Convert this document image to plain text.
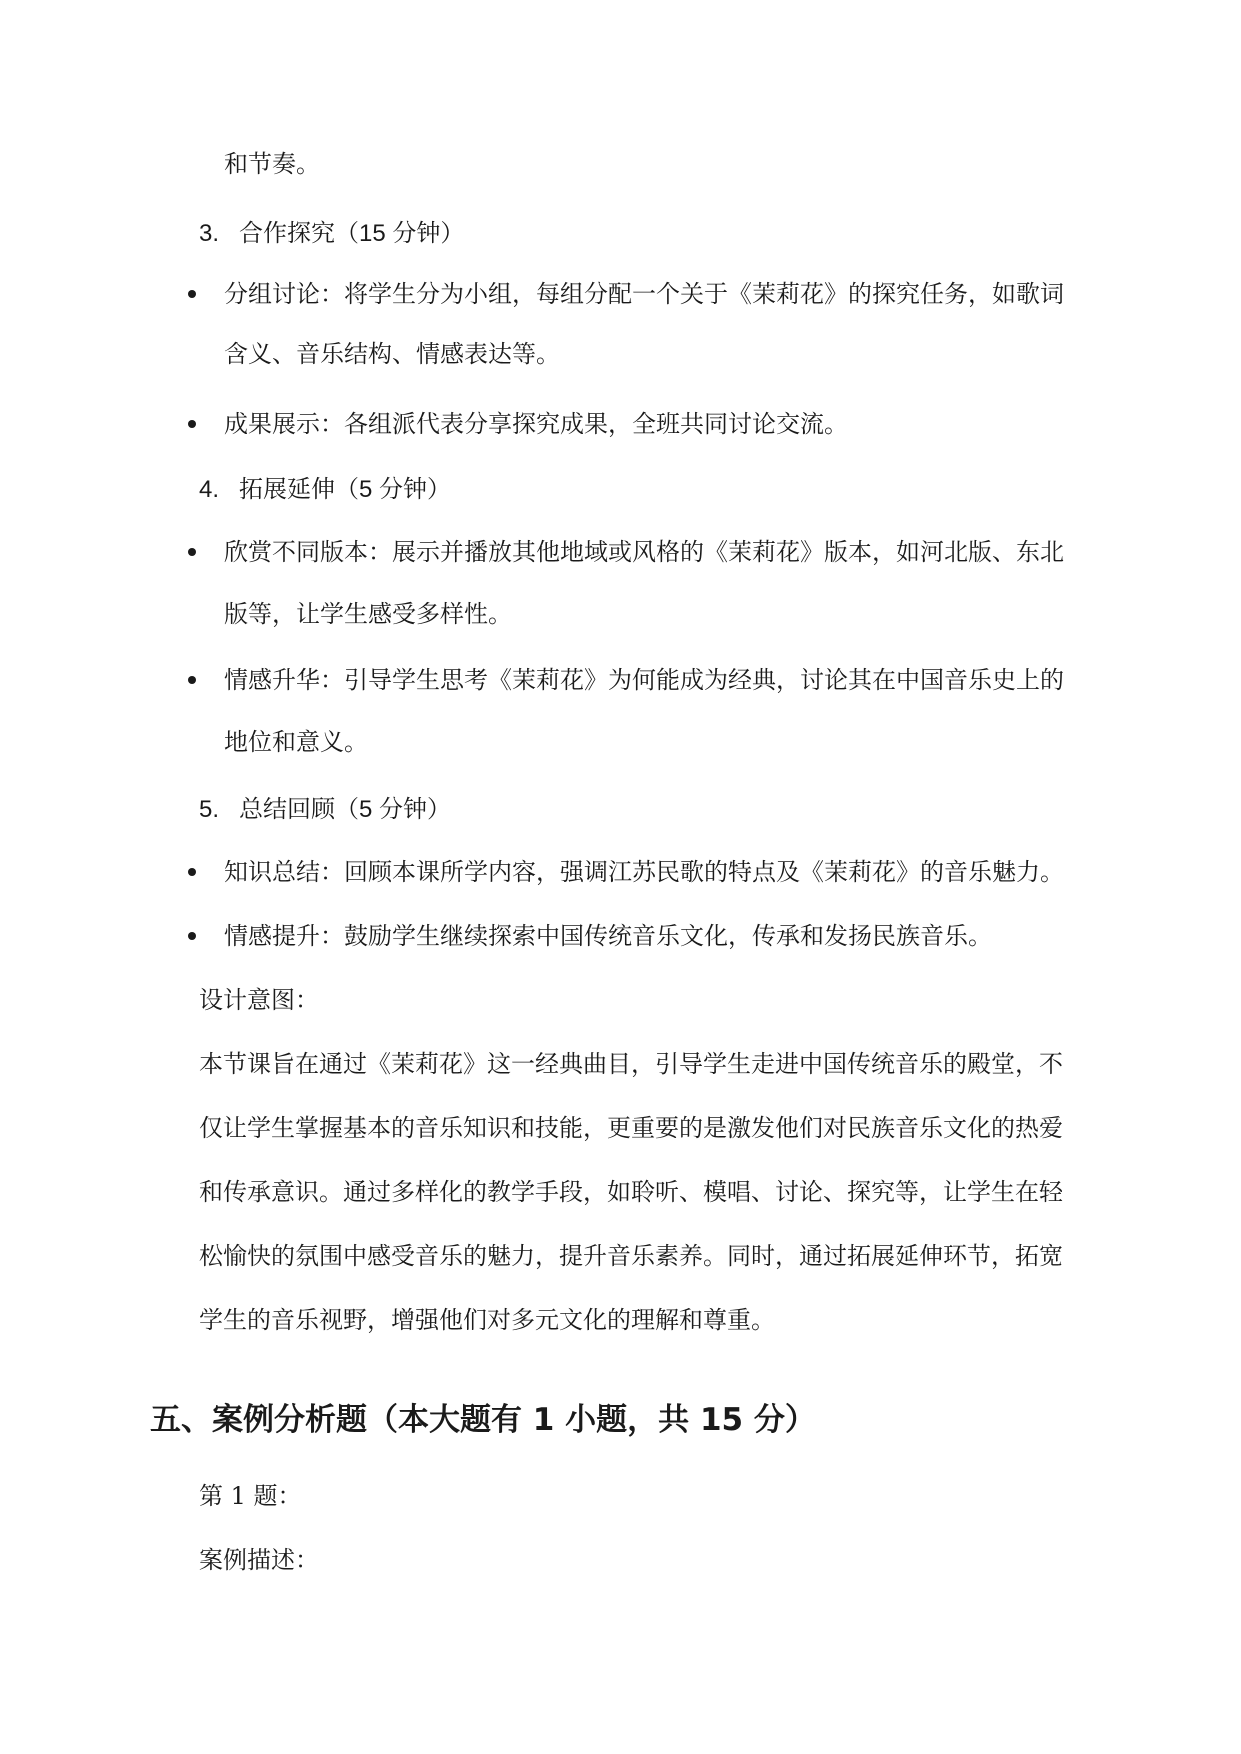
和节奏。
3. 合作探究（15 分钟）
分组讨论：将学生分为小组，每组分配一个关于《茉莉花》的探究任务，如歌词
含义、音乐结构、情感表达等。
成果展示：各组派代表分享探究成果，全班共同讨论交流。
4. 拓展延伸（5 分钟）
欣赏不同版本：展示并播放其他地域或风格的《茉莉花》版本，如河北版、东北
版等，让学生感受多样性。
情感升华：引导学生思考《茉莉花》为何能成为经典，讨论其在中国音乐史上的
地位和意义。
5. 总结回顾（5 分钟）
知识总结：回顾本课所学内容，强调江苏民歌的特点及《茉莉花》的音乐魅力。
情感提升：鼓励学生继续探索中国传统音乐文化，传承和发扬民族音乐。
设计意图：
本节课旨在通过《茉莉花》这一经典曲目，引导学生走进中国传统音乐的殿堂，不
仅让学生掌握基本的音乐知识和技能，更重要的是激发他们对民族音乐文化的热爱
和传承意识。通过多样化的教学手段，如聆听、模唱、讨论、探究等，让学生在轻
松愉快的氛围中感受音乐的魅力，提升音乐素养。同时，通过拓展延伸环节，拓宽
学生的音乐视野，增强他们对多元文化的理解和尊重。
五、案例分析题（本大题有 1 小题，共 15 分）
第 1 题：
案例描述：
